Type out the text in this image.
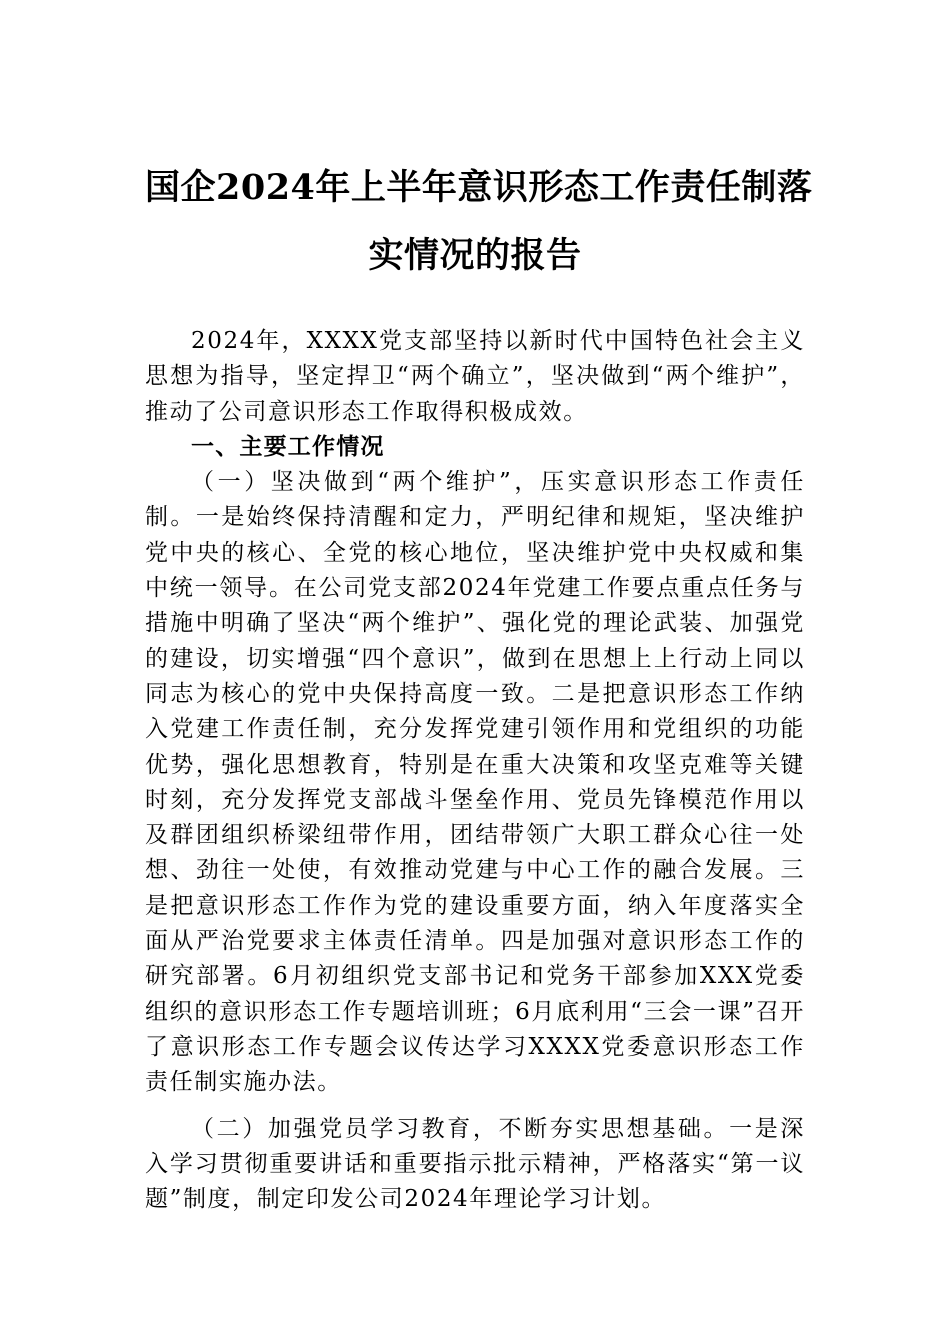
国企2024年上半年意识形态工作责任制落
实情况的报告

2024年，XXXX党支部坚持以新时代中国特色社会主义思想为指导，坚定捍卫“两个确立”，坚决做到“两个维护”，推动了公司意识形态工作取得积极成效。

一、主要工作情况

（一）坚决做到“两个维护”，压实意识形态工作责任制。一是始终保持清醒和定力，严明纪律和规矩，坚决维护党中央的核心、全党的核心地位，坚决维护党中央权威和集中统一领导。在公司党支部2024年党建工作要点重点任务与措施中明确了坚决“两个维护”、强化党的理论武装、加强党的建设，切实增强“四个意识”，做到在思想上上行动上同以同志为核心的党中央保持高度一致。二是把意识形态工作纳入党建工作责任制，充分发挥党建引领作用和党组织的功能优势，强化思想教育，特别是在重大决策和攻坚克难等关键时刻，充分发挥党支部战斗堡垒作用、党员先锋模范作用以及群团组织桥梁纽带作用，团结带领广大职工群众心往一处想、劲往一处使，有效推动党建与中心工作的融合发展。三是把意识形态工作作为党的建设重要方面，纳入年度落实全面从严治党要求主体责任清单。四是加强对意识形态工作的研究部署。6月初组织党支部书记和党务干部参加XXX党委组织的意识形态工作专题培训班；6月底利用“三会一课”召开了意识形态工作专题会议传达学习XXXX党委意识形态工作责任制实施办法。

（二）加强党员学习教育，不断夯实思想基础。一是深入学习贯彻重要讲话和重要指示批示精神，严格落实“第一议题”制度，制定印发公司2024年理论学习计划。
